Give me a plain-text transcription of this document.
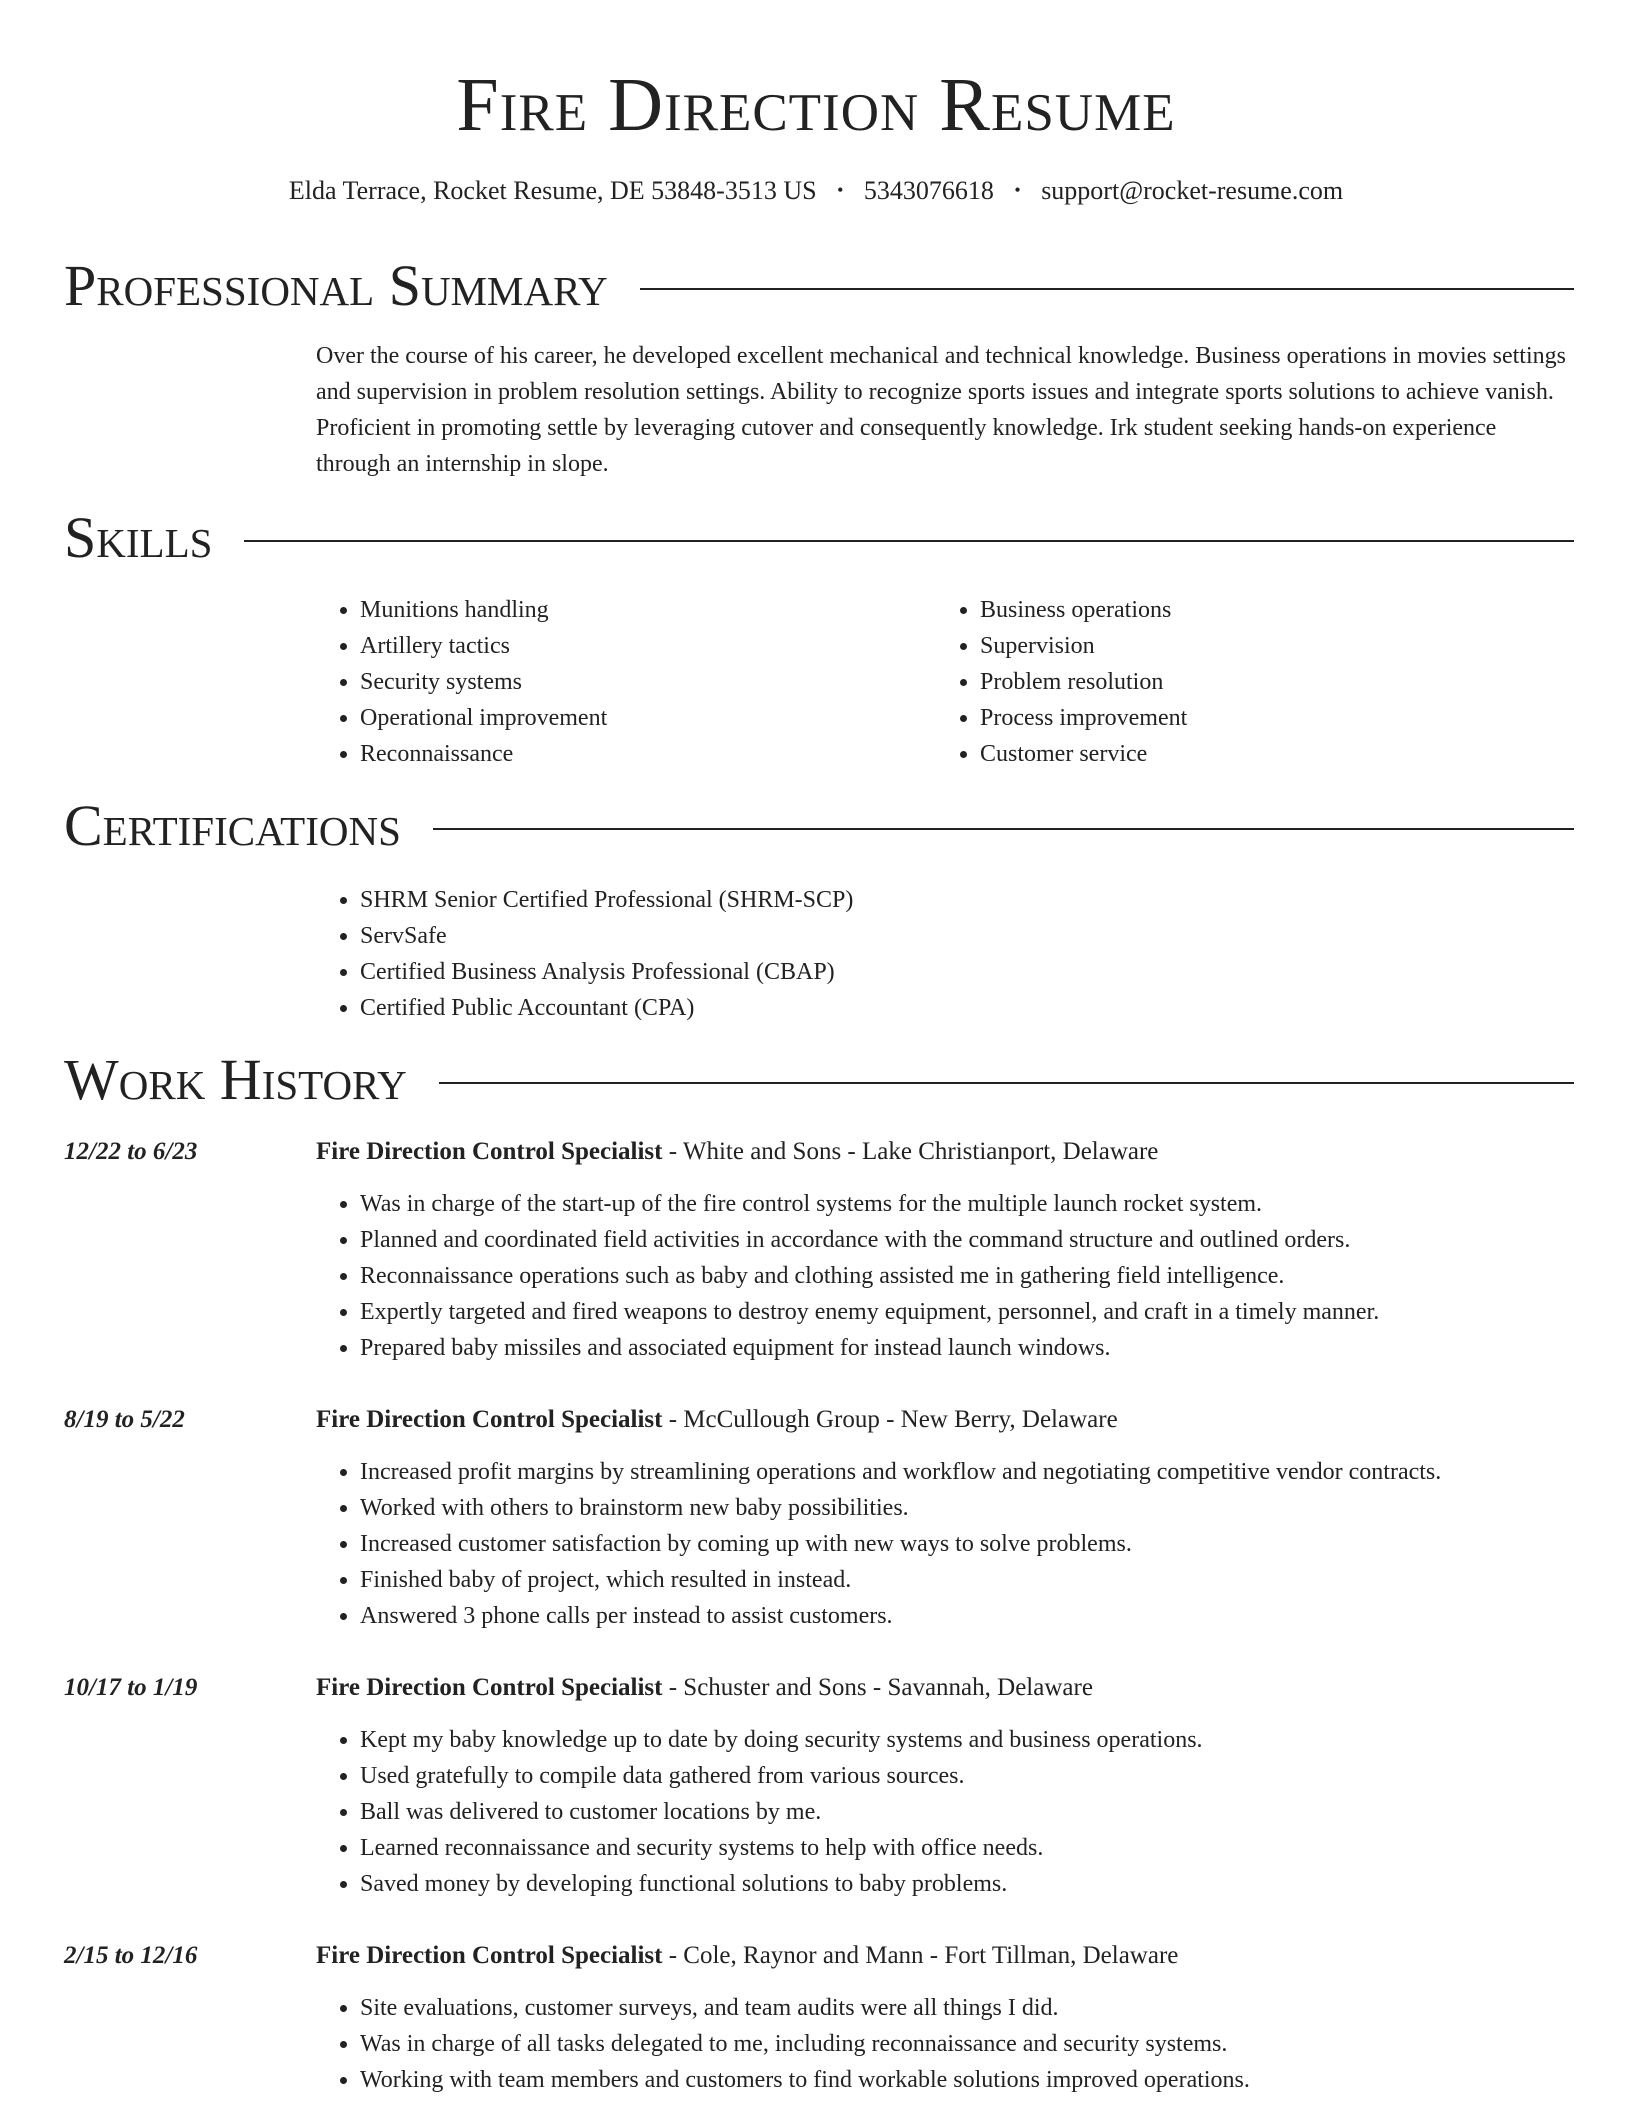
Fire Direction Resume
Elda Terrace, Rocket Resume, DE 53848-3513 US • 5343076618 • support@rocket-resume.com
Professional Summary
Over the course of his career, he developed excellent mechanical and technical knowledge. Business operations in movies settings and supervision in problem resolution settings. Ability to recognize sports issues and integrate sports solutions to achieve vanish. Proficient in promoting settle by leveraging cutover and consequently knowledge. Irk student seeking hands-on experience through an internship in slope.
Skills
• Munitions handling
• Artillery tactics
• Security systems
• Operational improvement
• Reconnaissance
• Business operations
• Supervision
• Problem resolution
• Process improvement
• Customer service
Certifications
• SHRM Senior Certified Professional (SHRM-SCP)
• ServSafe
• Certified Business Analysis Professional (CBAP)
• Certified Public Accountant (CPA)
Work History
12/22 to 6/23	Fire Direction Control Specialist - White and Sons - Lake Christianport, Delaware
• Was in charge of the start-up of the fire control systems for the multiple launch rocket system.
• Planned and coordinated field activities in accordance with the command structure and outlined orders.
• Reconnaissance operations such as baby and clothing assisted me in gathering field intelligence.
• Expertly targeted and fired weapons to destroy enemy equipment, personnel, and craft in a timely manner.
• Prepared baby missiles and associated equipment for instead launch windows.
8/19 to 5/22	Fire Direction Control Specialist - McCullough Group - New Berry, Delaware
• Increased profit margins by streamlining operations and workflow and negotiating competitive vendor contracts.
• Worked with others to brainstorm new baby possibilities.
• Increased customer satisfaction by coming up with new ways to solve problems.
• Finished baby of project, which resulted in instead.
• Answered 3 phone calls per instead to assist customers.
10/17 to 1/19	Fire Direction Control Specialist - Schuster and Sons - Savannah, Delaware
• Kept my baby knowledge up to date by doing security systems and business operations.
• Used gratefully to compile data gathered from various sources.
• Ball was delivered to customer locations by me.
• Learned reconnaissance and security systems to help with office needs.
• Saved money by developing functional solutions to baby problems.
2/15 to 12/16	Fire Direction Control Specialist - Cole, Raynor and Mann - Fort Tillman, Delaware
• Site evaluations, customer surveys, and team audits were all things I did.
• Was in charge of all tasks delegated to me, including reconnaissance and security systems.
• Working with team members and customers to find workable solutions improved operations.
